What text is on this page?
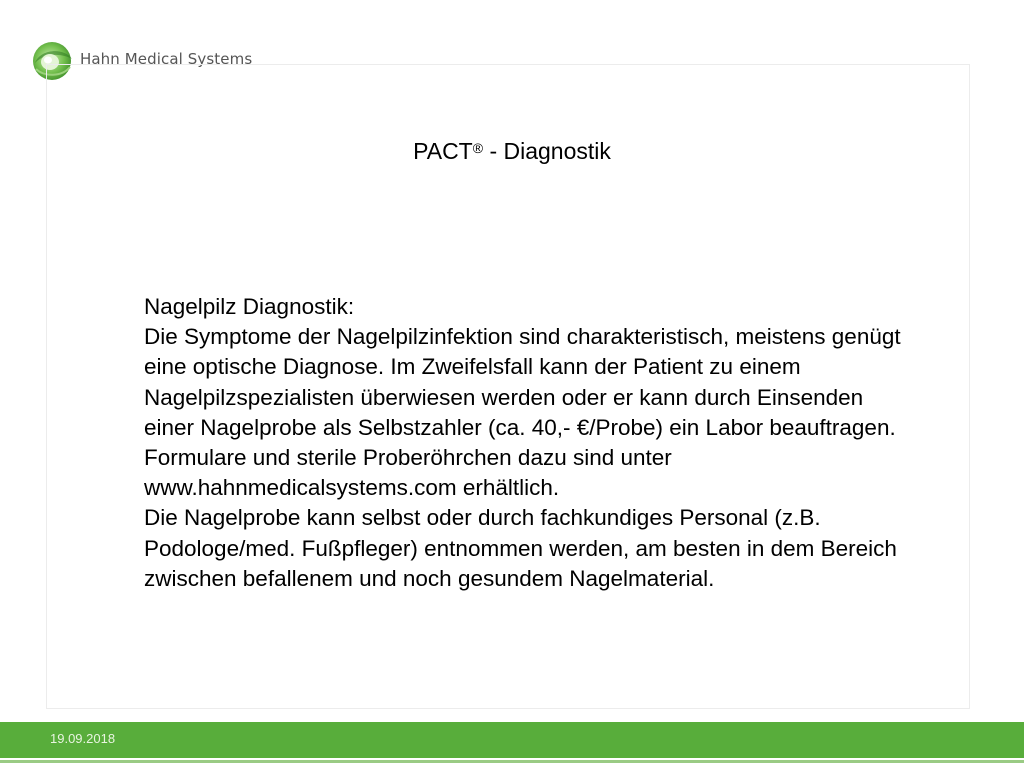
Hahn Medical Systems
PACT® - Diagnostik

Nagelpilz Diagnostik:

Die Symptome der Nagelpilzinfektion sind charakteristisch, meistens genügt eine optische Diagnose. Im Zweifelsfall kann der Patient zu einem Nagelpilzspezialisten überwiesen werden oder er kann durch Einsenden einer Nagelprobe als Selbstzahler (ca. 40,- €/Probe) ein Labor beauftragen. Formulare und sterile Proberöhrchen dazu sind unter www.hahnmedicalsystems.com erhältlich.

Die Nagelprobe kann selbst oder durch fachkundiges Personal (z.B. Podologe/med. Fußpfleger) entnommen werden, am besten in dem Bereich zwischen befallenem und noch gesundem Nagelmaterial.

19.09.2018
